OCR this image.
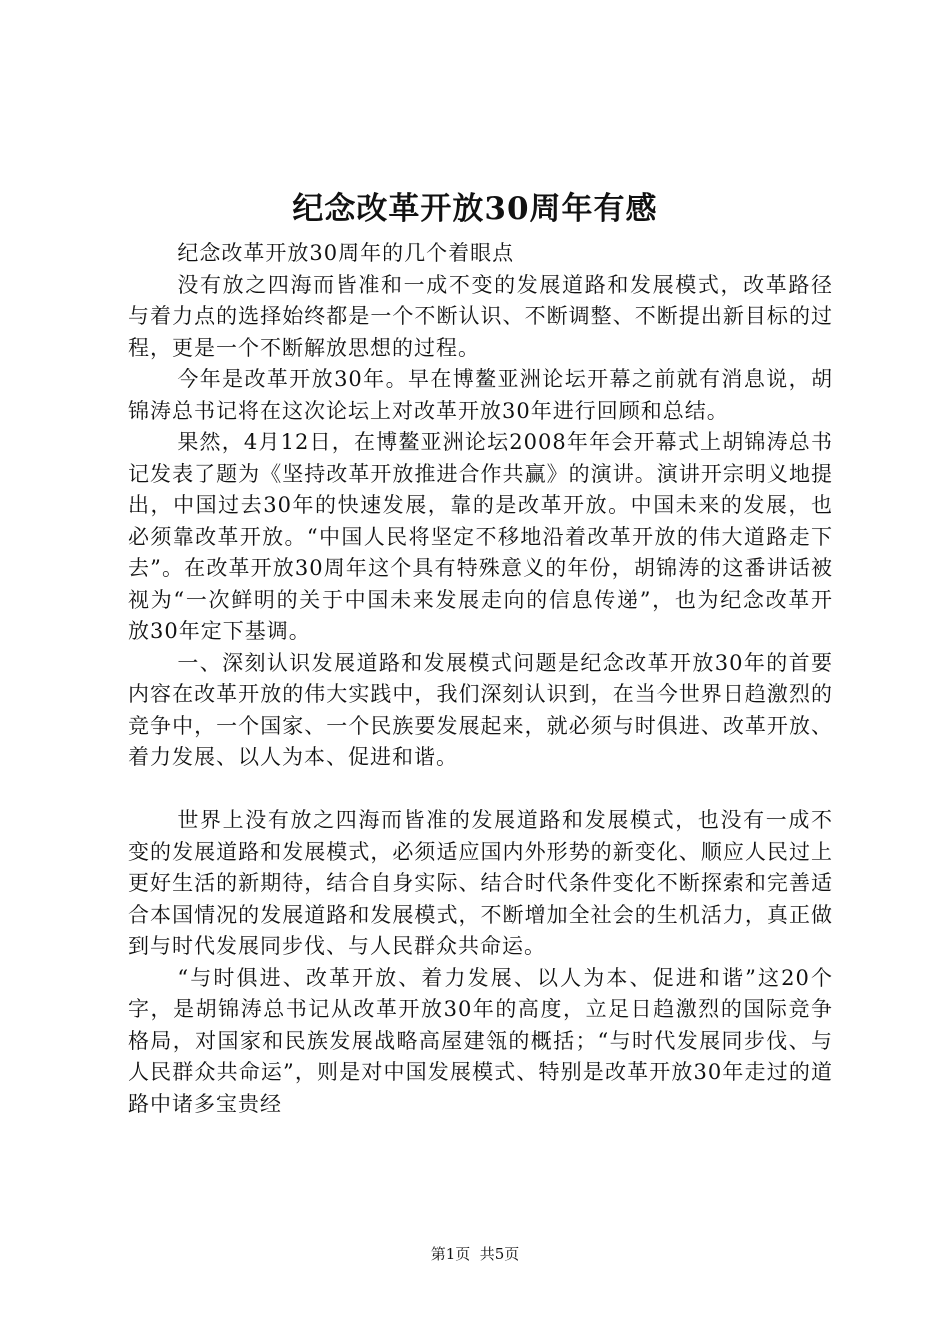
纪念改革开放30周年有感

纪念改革开放30周年的几个着眼点

没有放之四海而皆准和一成不变的发展道路和发展模式，改革路径与着力点的选择始终都是一个不断认识、不断调整、不断提出新目标的过程，更是一个不断解放思想的过程。

今年是改革开放30年。早在博鳌亚洲论坛开幕之前就有消息说，胡锦涛总书记将在这次论坛上对改革开放30年进行回顾和总结。

果然，4月12日，在博鳌亚洲论坛2008年年会开幕式上胡锦涛总书记发表了题为《坚持改革开放推进合作共赢》的演讲。演讲开宗明义地提出，中国过去30年的快速发展，靠的是改革开放。中国未来的发展，也必须靠改革开放。“中国人民将坚定不移地沿着改革开放的伟大道路走下去”。在改革开放30周年这个具有特殊意义的年份，胡锦涛的这番讲话被视为“一次鲜明的关于中国未来发展走向的信息传递”，也为纪念改革开放30年定下基调。

一、深刻认识发展道路和发展模式问题是纪念改革开放30年的首要内容在改革开放的伟大实践中，我们深刻认识到，在当今世界日趋激烈的竞争中，一个国家、一个民族要发展起来，就必须与时俱进、改革开放、着力发展、以人为本、促进和谐。

世界上没有放之四海而皆准的发展道路和发展模式，也没有一成不变的发展道路和发展模式，必须适应国内外形势的新变化、顺应人民过上更好生活的新期待，结合自身实际、结合时代条件变化不断探索和完善适合本国情况的发展道路和发展模式，不断增加全社会的生机活力，真正做到与时代发展同步伐、与人民群众共命运。

“与时俱进、改革开放、着力发展、以人为本、促进和谐”这20个字，是胡锦涛总书记从改革开放30年的高度，立足日趋激烈的国际竞争格局，对国家和民族发展战略高屋建瓴的概括；“与时代发展同步伐、与人民群众共命运”，则是对中国发展模式、特别是改革开放30年走过的道路中诸多宝贵经

第1页  共5页
